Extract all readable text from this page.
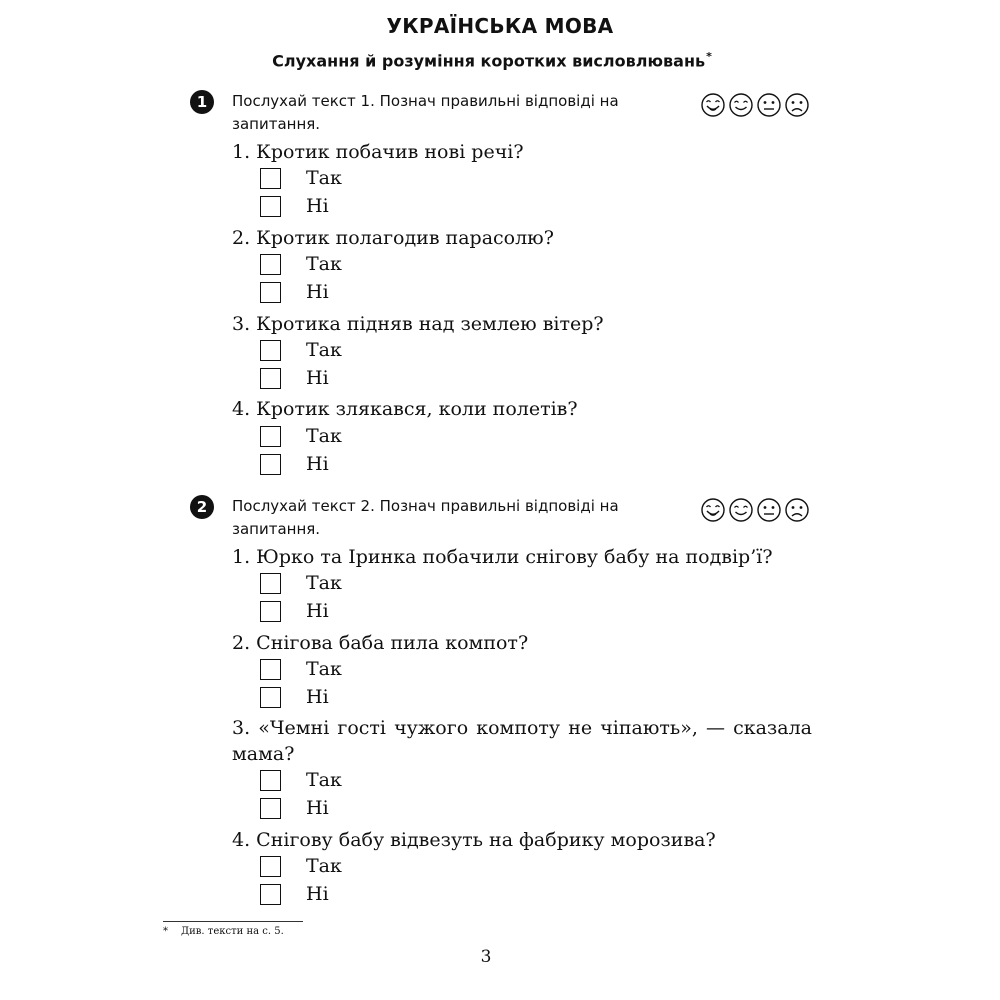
УКРАЇНСЬКА МОВА
Слухання й розуміння коротких висловлювань*
1	Послухай текст 1. Познач правильні відповіді на запитання.
1. Кротик побачив нові речі?
Так
Ні
2. Кротик полагодив парасолю?
Так
Ні
3. Кротика підняв над землею вітер?
Так
Ні
4. Кротик злякався, коли полетів?
Так
Ні
2	Послухай текст 2. Познач правильні відповіді на запитання.
1. Юрко та Іринка побачили снігову бабу на подвір’ї?
Так
Ні
2. Снігова баба пила компот?
Так
Ні
3. «Чемні гості чужого компоту не чіпають», — сказала мама?
Так
Ні
4. Снігову бабу відвезуть на фабрику морозива?
Так
Ні
* Див. тексти на с. 5.
3
